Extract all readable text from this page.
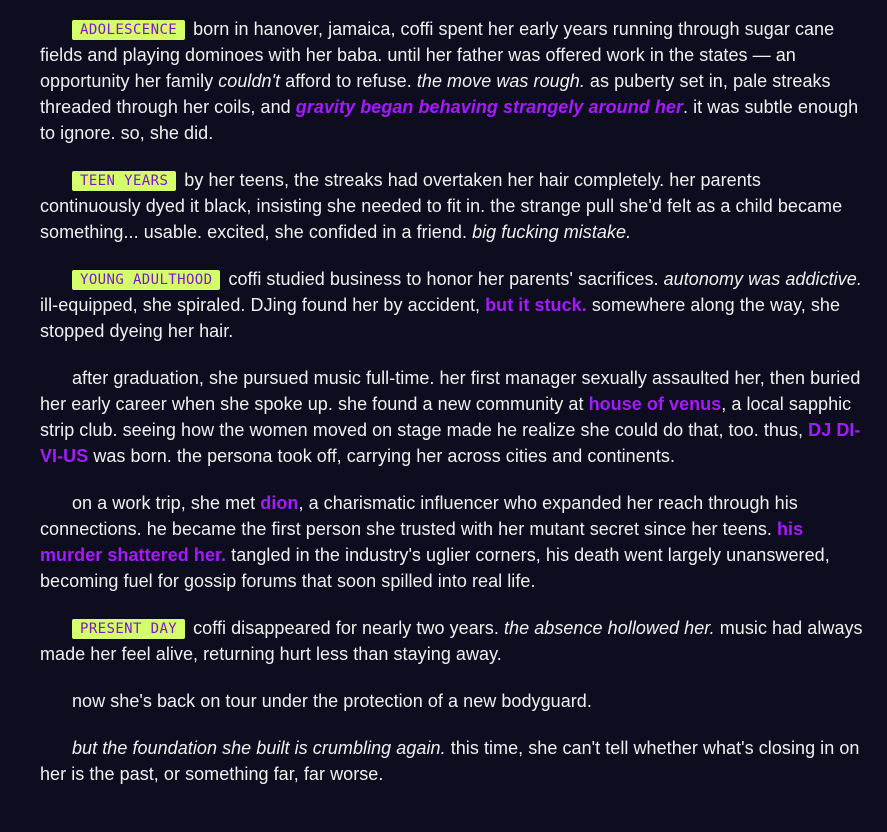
ADOLESCENCE born in hanover, jamaica, coffi spent her early years running through sugar cane fields and playing dominoes with her baba. until her father was offered work in the states — an opportunity her family couldn't afford to refuse. the move was rough. as puberty set in, pale streaks threaded through her coils, and gravity began behaving strangely around her. it was subtle enough to ignore. so, she did.

TEEN YEARS by her teens, the streaks had overtaken her hair completely. her parents continuously dyed it black, insisting she needed to fit in. the strange pull she'd felt as a child became something... usable. excited, she confided in a friend. big fucking mistake.

YOUNG ADULTHOOD coffi studied business to honor her parents' sacrifices. autonomy was addictive. ill-equipped, she spiraled. DJing found her by accident, but it stuck. somewhere along the way, she stopped dyeing her hair.

after graduation, she pursued music full-time. her first manager sexually assaulted her, then buried her early career when she spoke up. she found a new community at house of venus, a local sapphic strip club. seeing how the women moved on stage made he realize she could do that, too. thus, DJ DI-VI-US was born. the persona took off, carrying her across cities and continents.

on a work trip, she met dion, a charismatic influencer who expanded her reach through his connections. he became the first person she trusted with her mutant secret since her teens. his murder shattered her. tangled in the industry's uglier corners, his death went largely unanswered, becoming fuel for gossip forums that soon spilled into real life.

PRESENT DAY coffi disappeared for nearly two years. the absence hollowed her. music had always made her feel alive, returning hurt less than staying away.

now she's back on tour under the protection of a new bodyguard.

but the foundation she built is crumbling again. this time, she can't tell whether what's closing in on her is the past, or something far, far worse.
